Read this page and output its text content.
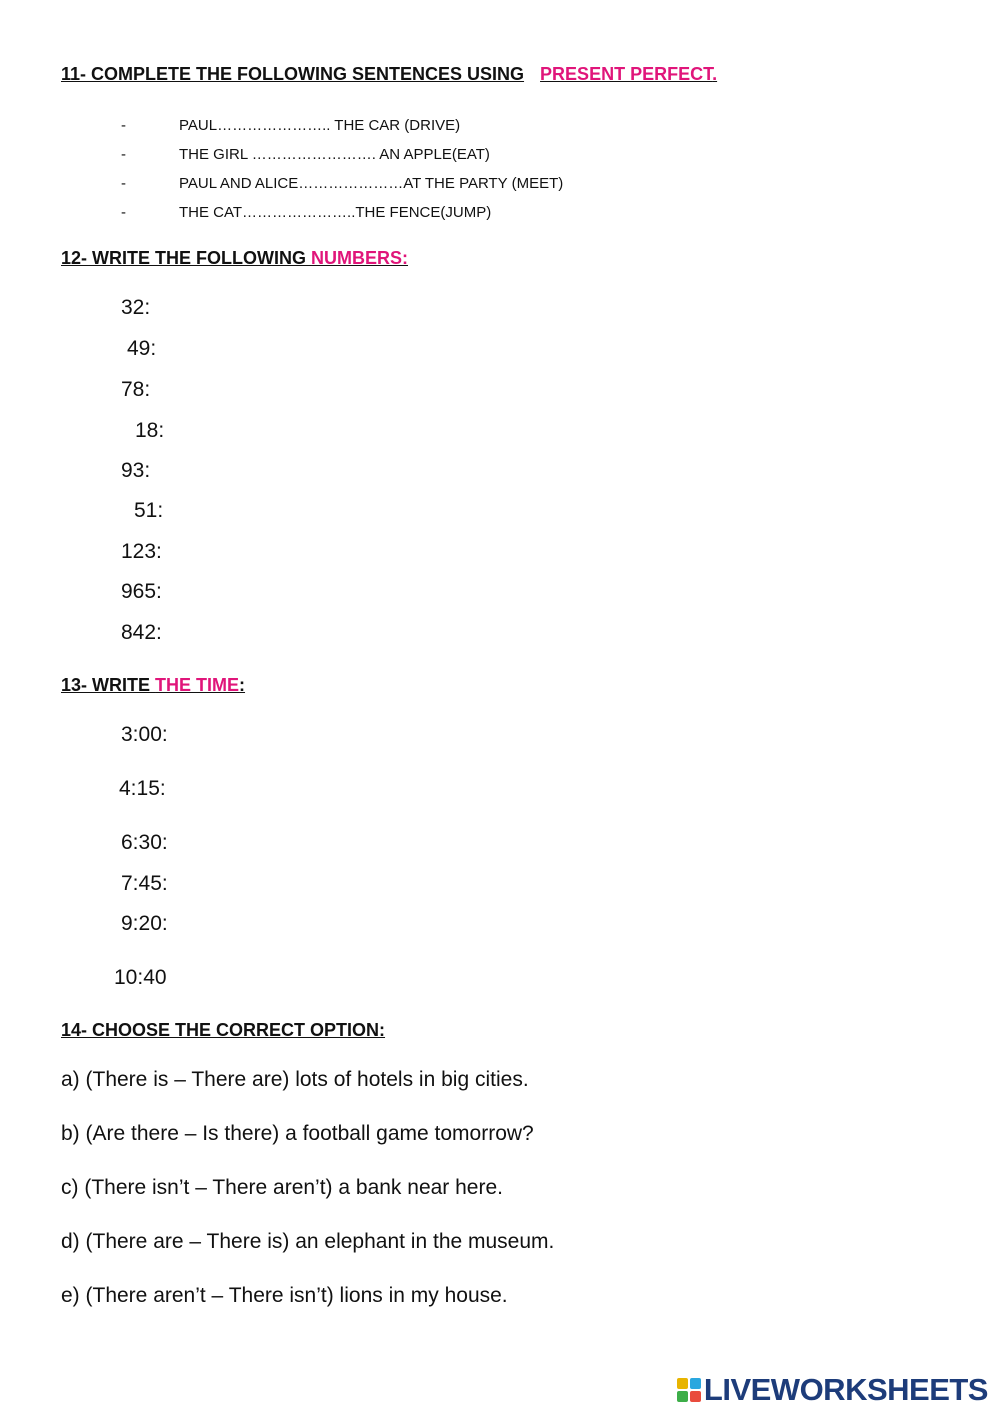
11- COMPLETE THE FOLLOWING SENTENCES USING PRESENT PERFECT.
-	PAUL………………….. THE CAR (DRIVE)
-	THE GIRL ……………………. AN APPLE(EAT)
-	PAUL AND ALICE…………………AT THE PARTY (MEET)
-	THE CAT…………………..THE FENCE(JUMP)
12- WRITE THE FOLLOWING NUMBERS:
32:
49:
78:
18:
93:
51:
123:
965:
842:
13- WRITE THE TIME:
3:00:
4:15:
6:30:
7:45:
9:20:
10:40
14- CHOOSE THE CORRECT OPTION:
a) (There is – There are) lots of hotels in big cities.
b) (Are there – Is there) a football game tomorrow?
c) (There isn’t – There aren’t) a bank near here.
d) (There are – There is) an elephant in the museum.
e) (There aren’t – There isn’t) lions in my house.
LIVEWORKSHEETS
